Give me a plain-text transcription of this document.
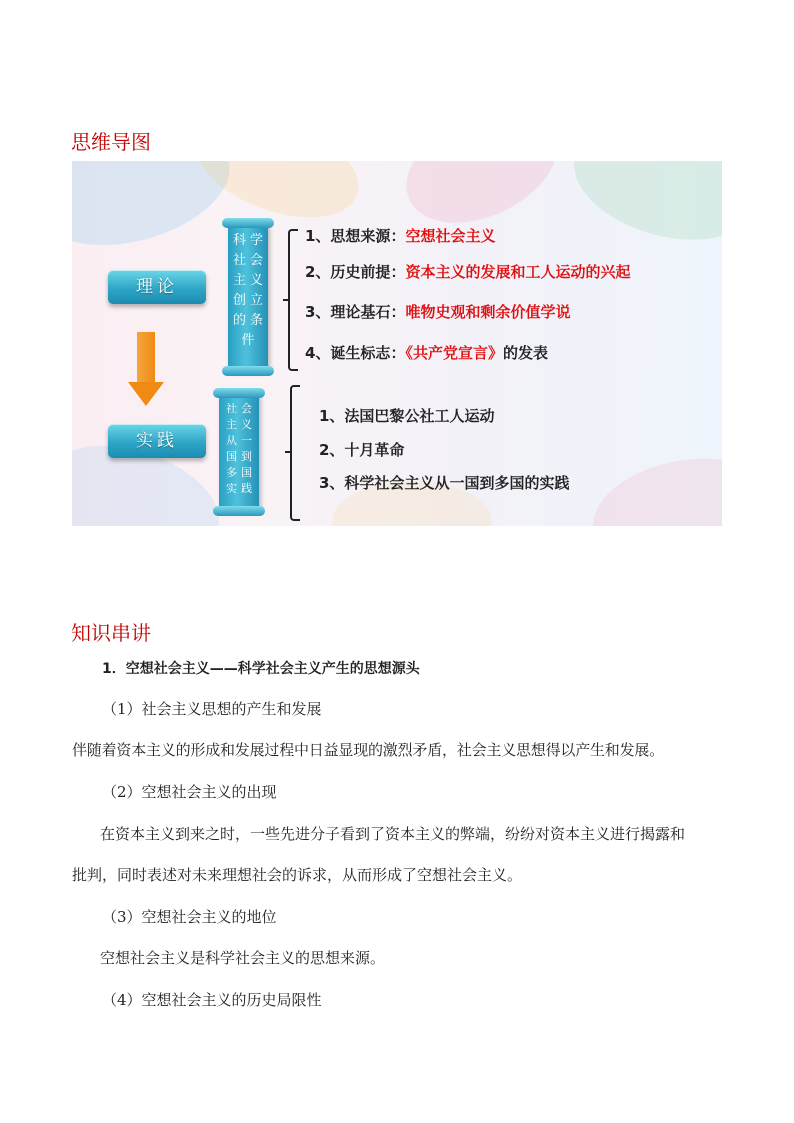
思维导图
理论
实践
科 学
社 会
主 义
创 立
的 条
件
社 会
主 义
从 一
国 到
多 国
实 践
1、思想来源：空想社会主义
2、历史前提：资本主义的发展和工人运动的兴起
3、理论基石：唯物史观和剩余价值学说
4、诞生标志：《共产党宣言》的发表
1、法国巴黎公社工人运动
2、十月革命
3、科学社会主义从一国到多国的实践
知识串讲
1．空想社会主义——科学社会主义产生的思想源头
（1）社会主义思想的产生和发展
伴随着资本主义的形成和发展过程中日益显现的激烈矛盾，社会主义思想得以产生和发展。
（2）空想社会主义的出现
在资本主义到来之时，一些先进分子看到了资本主义的弊端，纷纷对资本主义进行揭露和
批判，同时表述对未来理想社会的诉求，从而形成了空想社会主义。
（3）空想社会主义的地位
空想社会主义是科学社会主义的思想来源。
（4）空想社会主义的历史局限性
